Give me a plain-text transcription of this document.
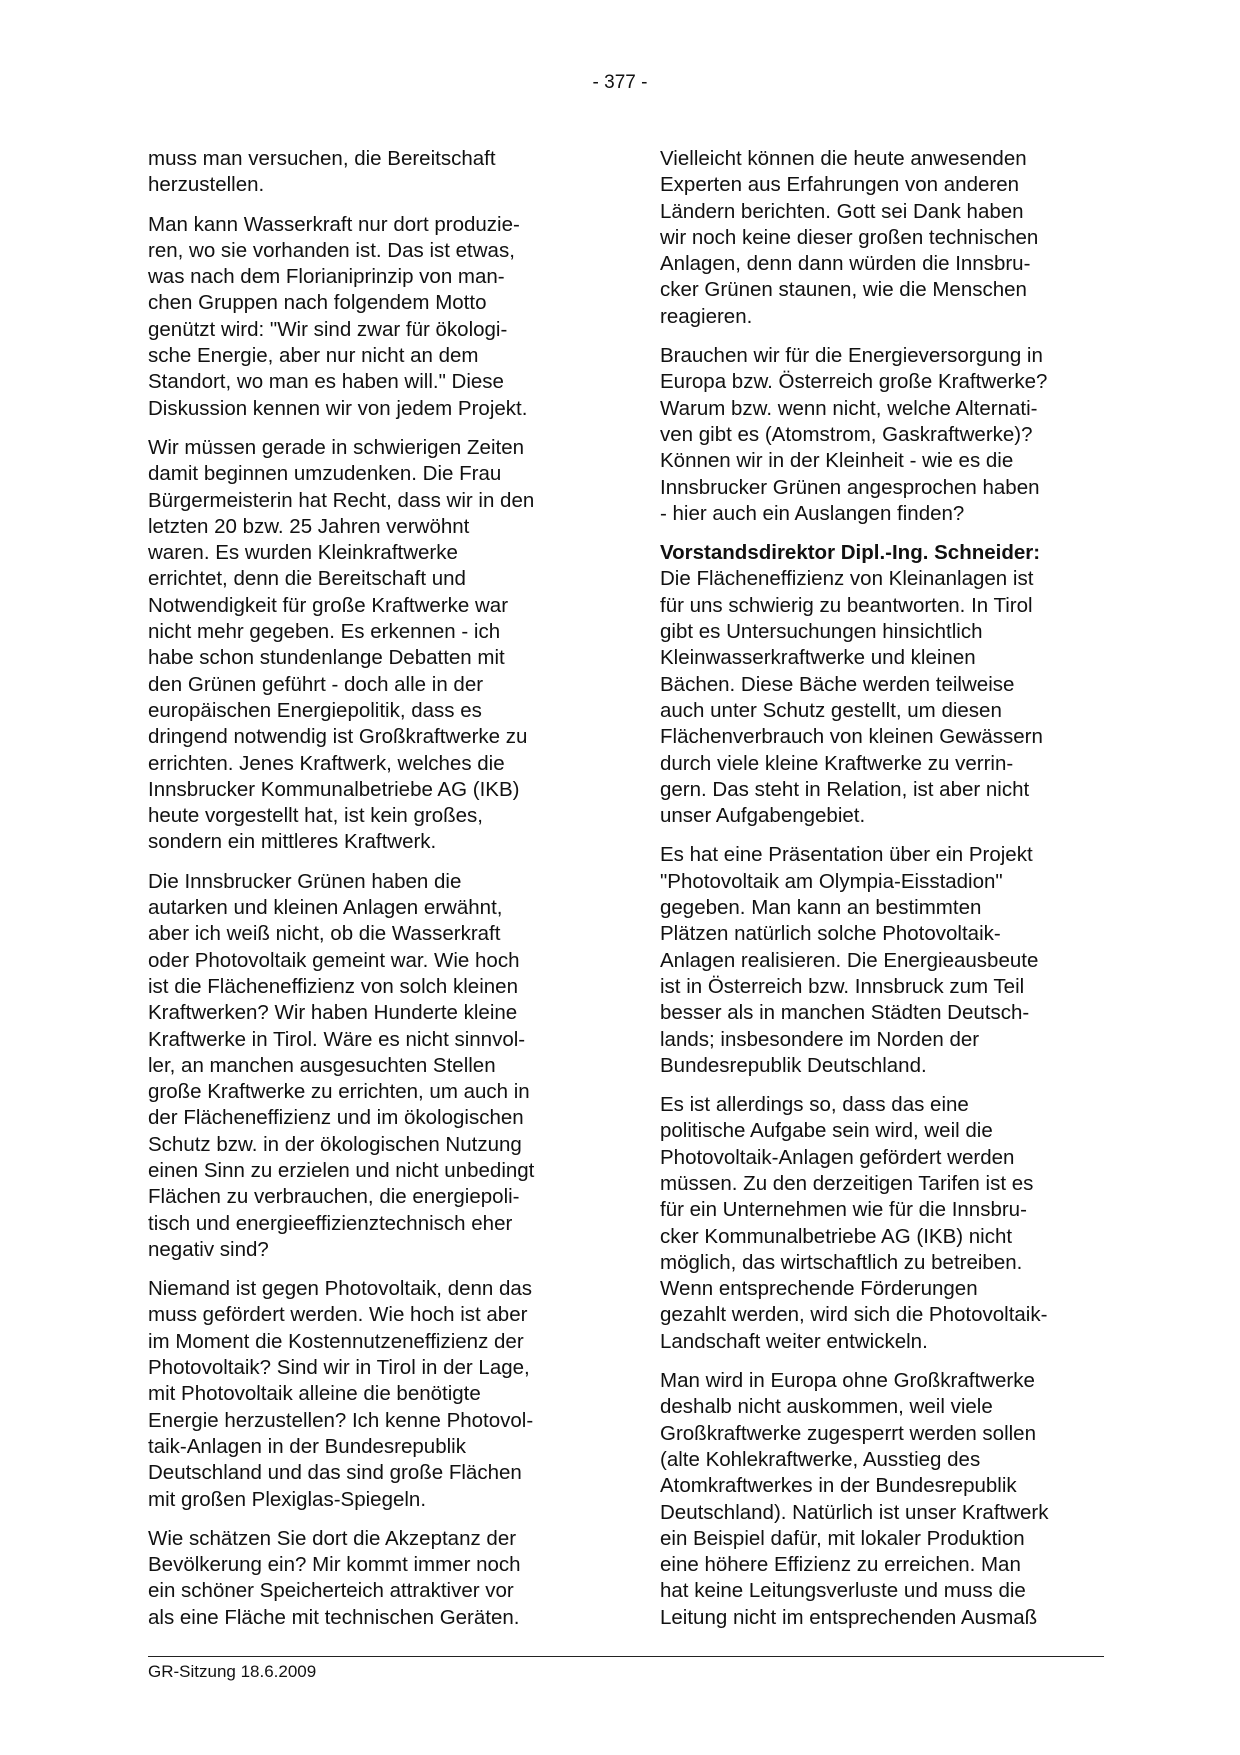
- 377 -
muss man versuchen, die Bereitschaft
herzustellen.
Man kann Wasserkraft nur dort produzie-
ren, wo sie vorhanden ist. Das ist etwas,
was nach dem Florianiprinzip von man-
chen Gruppen nach folgendem Motto
genützt wird: "Wir sind zwar für ökologi-
sche Energie, aber nur nicht an dem
Standort, wo man es haben will." Diese
Diskussion kennen wir von jedem Projekt.
Wir müssen gerade in schwierigen Zeiten
damit beginnen umzudenken. Die Frau
Bürgermeisterin hat Recht, dass wir in den
letzten 20 bzw. 25 Jahren verwöhnt
waren. Es wurden Kleinkraftwerke
errichtet, denn die Bereitschaft und
Notwendigkeit für große Kraftwerke war
nicht mehr gegeben. Es erkennen - ich
habe schon stundenlange Debatten mit
den Grünen geführt - doch alle in der
europäischen Energiepolitik, dass es
dringend notwendig ist Großkraftwerke zu
errichten. Jenes Kraftwerk, welches die
Innsbrucker Kommunalbetriebe AG (IKB)
heute vorgestellt hat, ist kein großes,
sondern ein mittleres Kraftwerk.
Die Innsbrucker Grünen haben die
autarken und kleinen Anlagen erwähnt,
aber ich weiß nicht, ob die Wasserkraft
oder Photovoltaik gemeint war. Wie hoch
ist die Flächeneffizienz von solch kleinen
Kraftwerken? Wir haben Hunderte kleine
Kraftwerke in Tirol. Wäre es nicht sinnvol-
ler, an manchen ausgesuchten Stellen
große Kraftwerke zu errichten, um auch in
der Flächeneffizienz und im ökologischen
Schutz bzw. in der ökologischen Nutzung
einen Sinn zu erzielen und nicht unbedingt
Flächen zu verbrauchen, die energiepoli-
tisch und energieeffizienztechnisch eher
negativ sind?
Niemand ist gegen Photovoltaik, denn das
muss gefördert werden. Wie hoch ist aber
im Moment die Kostennutzeneffizienz der
Photovoltaik? Sind wir in Tirol in der Lage,
mit Photovoltaik alleine die benötigte
Energie herzustellen? Ich kenne Photovol-
taik-Anlagen in der Bundesrepublik
Deutschland und das sind große Flächen
mit großen Plexiglas-Spiegeln.
Wie schätzen Sie dort die Akzeptanz der
Bevölkerung ein? Mir kommt immer noch
ein schöner Speicherteich attraktiver vor
als eine Fläche mit technischen Geräten.
Vielleicht können die heute anwesenden
Experten aus Erfahrungen von anderen
Ländern berichten. Gott sei Dank haben
wir noch keine dieser großen technischen
Anlagen, denn dann würden die Innsbru-
cker Grünen staunen, wie die Menschen
reagieren.
Brauchen wir für die Energieversorgung in
Europa bzw. Österreich große Kraftwerke?
Warum bzw. wenn nicht, welche Alternati-
ven gibt es (Atomstrom, Gaskraftwerke)?
Können wir in der Kleinheit - wie es die
Innsbrucker Grünen angesprochen haben
- hier auch ein Auslangen finden?
Vorstandsdirektor Dipl.-Ing. Schneider:
Die Flächeneffizienz von Kleinanlagen ist
für uns schwierig zu beantworten. In Tirol
gibt es Untersuchungen hinsichtlich
Kleinwasserkraftwerke und kleinen
Bächen. Diese Bäche werden teilweise
auch unter Schutz gestellt, um diesen
Flächenverbrauch von kleinen Gewässern
durch viele kleine Kraftwerke zu verrin-
gern. Das steht in Relation, ist aber nicht
unser Aufgabengebiet.
Es hat eine Präsentation über ein Projekt
"Photovoltaik am Olympia-Eisstadion"
gegeben. Man kann an bestimmten
Plätzen natürlich solche Photovoltaik-
Anlagen realisieren. Die Energieausbeute
ist in Österreich bzw. Innsbruck zum Teil
besser als in manchen Städten Deutsch-
lands; insbesondere im Norden der
Bundesrepublik Deutschland.
Es ist allerdings so, dass das eine
politische Aufgabe sein wird, weil die
Photovoltaik-Anlagen gefördert werden
müssen. Zu den derzeitigen Tarifen ist es
für ein Unternehmen wie für die Innsbru-
cker Kommunalbetriebe AG (IKB) nicht
möglich, das wirtschaftlich zu betreiben.
Wenn entsprechende Förderungen
gezahlt werden, wird sich die Photovoltaik-
Landschaft weiter entwickeln.
Man wird in Europa ohne Großkraftwerke
deshalb nicht auskommen, weil viele
Großkraftwerke zugesperrt werden sollen
(alte Kohlekraftwerke, Ausstieg des
Atomkraftwerkes in der Bundesrepublik
Deutschland). Natürlich ist unser Kraftwerk
ein Beispiel dafür, mit lokaler Produktion
eine höhere Effizienz zu erreichen. Man
hat keine Leitungsverluste und muss die
Leitung nicht im entsprechenden Ausmaß
GR-Sitzung 18.6.2009
